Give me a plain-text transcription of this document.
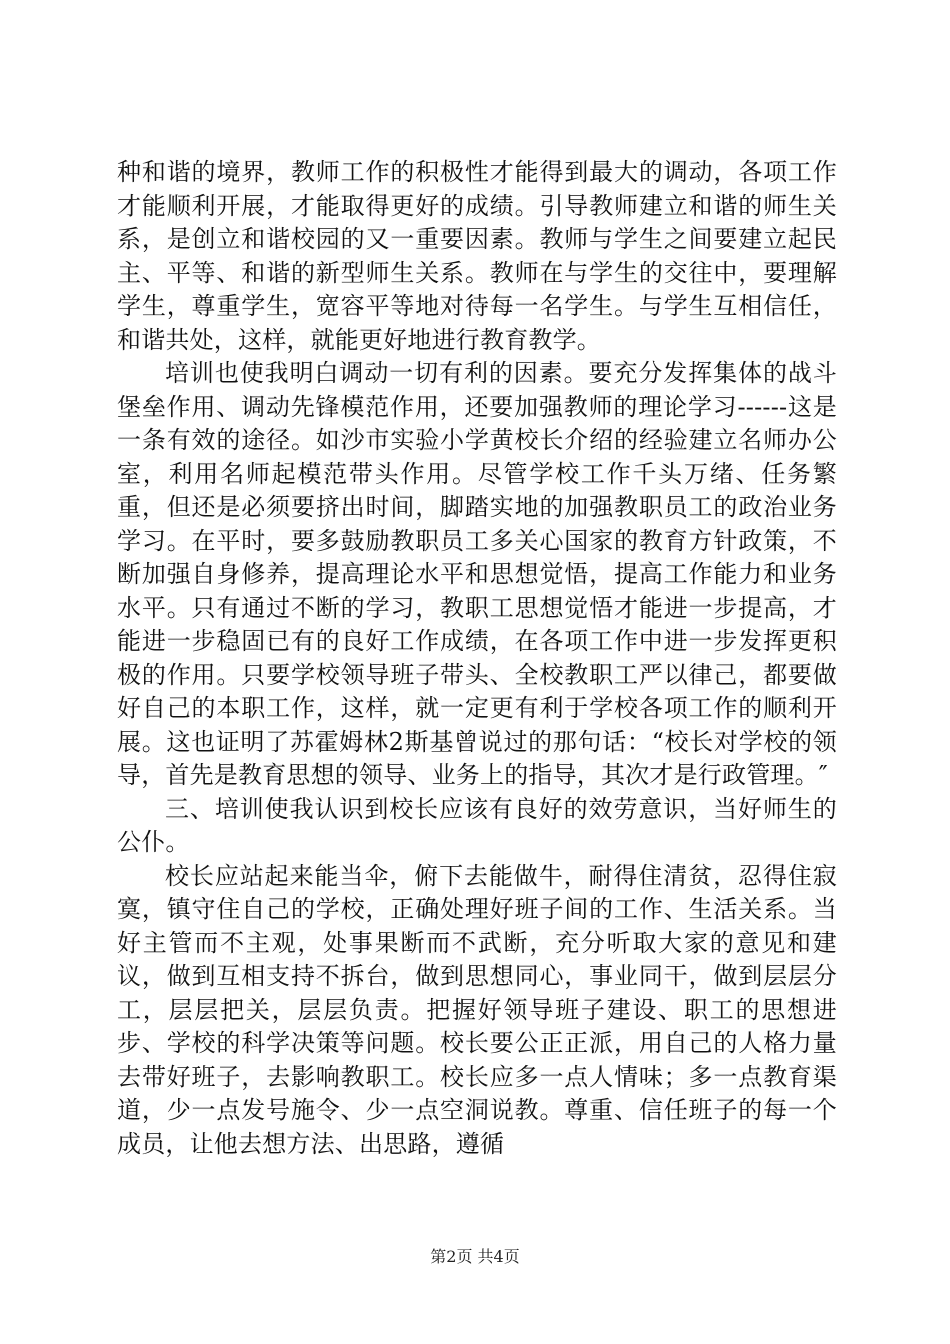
种和谐的境界，教师工作的积极性才能得到最大的调动，各项工作才能顺利开展，才能取得更好的成绩。引导教师建立和谐的师生关系，是创立和谐校园的又一重要因素。教师与学生之间要建立起民主、平等、和谐的新型师生关系。教师在与学生的交往中，要理解学生，尊重学生，宽容平等地对待每一名学生。与学生互相信任，和谐共处，这样，就能更好地进行教育教学。

培训也使我明白调动一切有利的因素。要充分发挥集体的战斗堡垒作用、调动先锋模范作用，还要加强教师的理论学习------这是一条有效的途径。如沙市实验小学黄校长介绍的经验建立名师办公室，利用名师起模范带头作用。尽管学校工作千头万绪、任务繁重，但还是必须要挤出时间，脚踏实地的加强教职员工的政治业务学习。在平时，要多鼓励教职员工多关心国家的教育方针政策，不断加强自身修养，提高理论水平和思想觉悟，提高工作能力和业务水平。只有通过不断的学习，教职工思想觉悟才能进一步提高，才能进一步稳固已有的良好工作成绩，在各项工作中进一步发挥更积极的作用。只要学校领导班子带头、全校教职工严以律己，都要做好自己的本职工作，这样，就一定更有利于学校各项工作的顺利开展。这也证明了苏霍姆林2斯基曾说过的那句话：“校长对学校的领导，首先是教育思想的领导、业务上的指导，其次才是行政管理。″

三、培训使我认识到校长应该有良好的效劳意识，当好师生的公仆。

校长应站起来能当伞，俯下去能做牛，耐得住清贫，忍得住寂寞，镇守住自己的学校，正确处理好班子间的工作、生活关系。当好主管而不主观，处事果断而不武断，充分听取大家的意见和建议，做到互相支持不拆台，做到思想同心，事业同干，做到层层分工，层层把关，层层负责。把握好领导班子建设、职工的思想进步、学校的科学决策等问题。校长要公正正派，用自己的人格力量去带好班子，去影响教职工。校长应多一点人情味；多一点教育渠道，少一点发号施令、少一点空洞说教。尊重、信任班子的每一个成员，让他去想方法、出思路，遵循

第2页 共4页
